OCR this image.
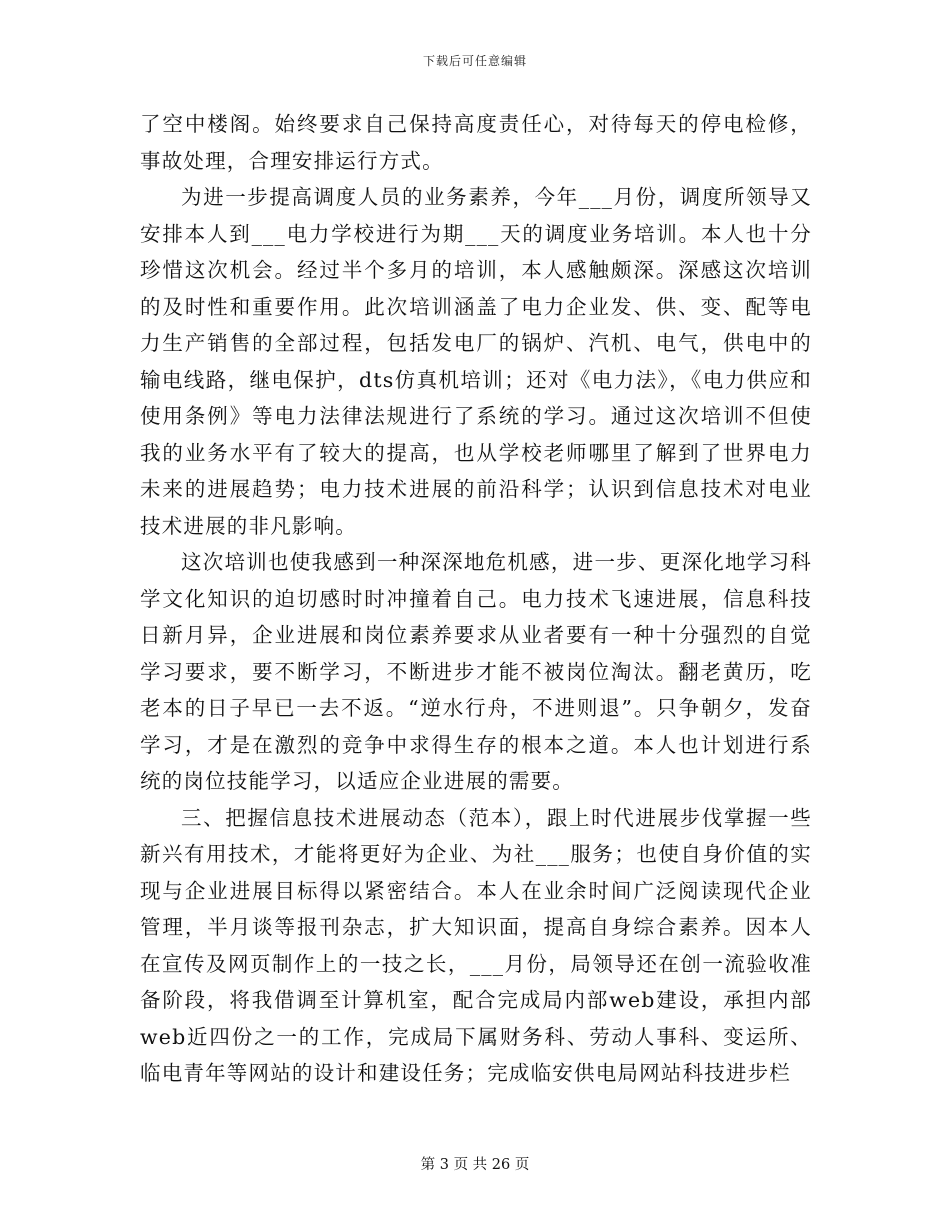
下载后可任意编辑

了空中楼阁。始终要求自己保持高度责任心，对待每天的停电检修，事故处理，合理安排运行方式。

为进一步提高调度人员的业务素养，今年___月份，调度所领导又安排本人到___电力学校进行为期___天的调度业务培训。本人也十分珍惜这次机会。经过半个多月的培训，本人感触颇深。深感这次培训的及时性和重要作用。此次培训涵盖了电力企业发、供、变、配等电力生产销售的全部过程，包括发电厂的锅炉、汽机、电气，供电中的输电线路，继电保护，dts仿真机培训；还对《电力法》，《电力供应和使用条例》等电力法律法规进行了系统的学习。通过这次培训不但使我的业务水平有了较大的提高，也从学校老师哪里了解到了世界电力未来的进展趋势；电力技术进展的前沿科学；认识到信息技术对电业技术进展的非凡影响。

这次培训也使我感到一种深深地危机感，进一步、更深化地学习科学文化知识的迫切感时时冲撞着自己。电力技术飞速进展，信息科技日新月异，企业进展和岗位素养要求从业者要有一种十分强烈的自觉学习要求，要不断学习，不断进步才能不被岗位淘汰。翻老黄历，吃老本的日子早已一去不返。“逆水行舟，不进则退”。只争朝夕，发奋学习，才是在激烈的竞争中求得生存的根本之道。本人也计划进行系统的岗位技能学习，以适应企业进展的需要。

三、把握信息技术进展动态（范本），跟上时代进展步伐掌握一些新兴有用技术，才能将更好为企业、为社___服务；也使自身价值的实现与企业进展目标得以紧密结合。本人在业余时间广泛阅读现代企业管理，半月谈等报刊杂志，扩大知识面，提高自身综合素养。因本人在宣传及网页制作上的一技之长，___月份，局领导还在创一流验收准备阶段，将我借调至计算机室，配合完成局内部web建设，承担内部web近四份之一的工作，完成局下属财务科、劳动人事科、变运所、临电青年等网站的设计和建设任务；完成临安供电局网站科技进步栏

第 3 页 共 26 页
